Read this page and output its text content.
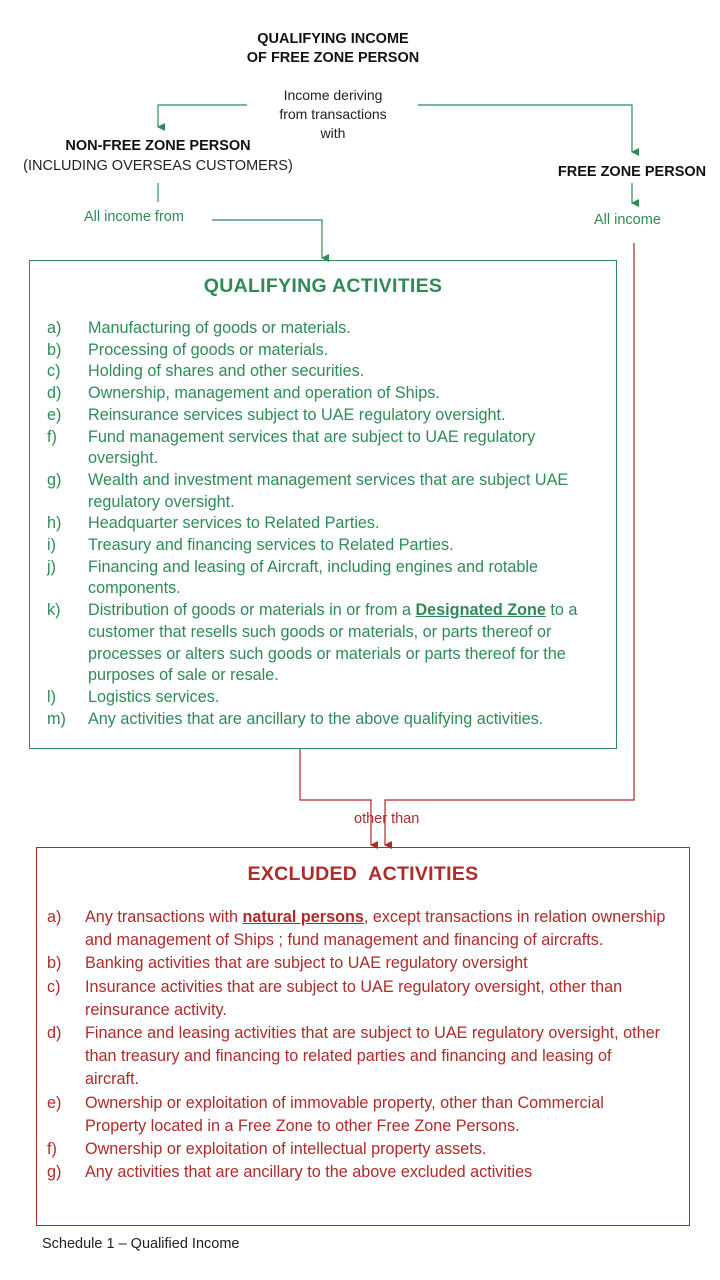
QUALIFYING INCOME
OF FREE ZONE PERSON
Income deriving
from transactions
with
NON-FREE ZONE PERSON
(INCLUDING OVERSEAS CUSTOMERS)	FREE ZONE PERSON
All income from	All income
QUALIFYING ACTIVITIES
a)	Manufacturing of goods or materials.
b)	Processing of goods or materials.
c)	Holding of shares and other securities.
d)	Ownership, management and operation of Ships.
e)	Reinsurance services subject to UAE regulatory oversight.
f)	Fund management services that are subject to UAE regulatory oversight.
g)	Wealth and investment management services that are subject UAE regulatory oversight.
h)	Headquarter services to Related Parties.
i)	Treasury and financing services to Related Parties.
j)	Financing and leasing of Aircraft, including engines and rotable components.
k)	Distribution of goods or materials in or from a Designated Zone to a customer that resells such goods or materials, or parts thereof or processes or alters such goods or materials or parts thereof for the purposes of sale or resale.
l)	Logistics services.
m)	Any activities that are ancillary to the above qualifying activities.
other than
EXCLUDED ACTIVITIES
a)	Any transactions with natural persons, except transactions in relation ownership and management of Ships ; fund management and financing of aircrafts.
b)	Banking activities that are subject to UAE regulatory oversight
c)	Insurance activities that are subject to UAE regulatory oversight, other than reinsurance activity.
d)	Finance and leasing activities that are subject to UAE regulatory oversight, other than treasury and financing to related parties and financing and leasing of aircraft.
e)	Ownership or exploitation of immovable property, other than Commercial Property located in a Free Zone to other Free Zone Persons.
f)	Ownership or exploitation of intellectual property assets.
g)	Any activities that are ancillary to the above excluded activities
Schedule 1 – Qualified Income
